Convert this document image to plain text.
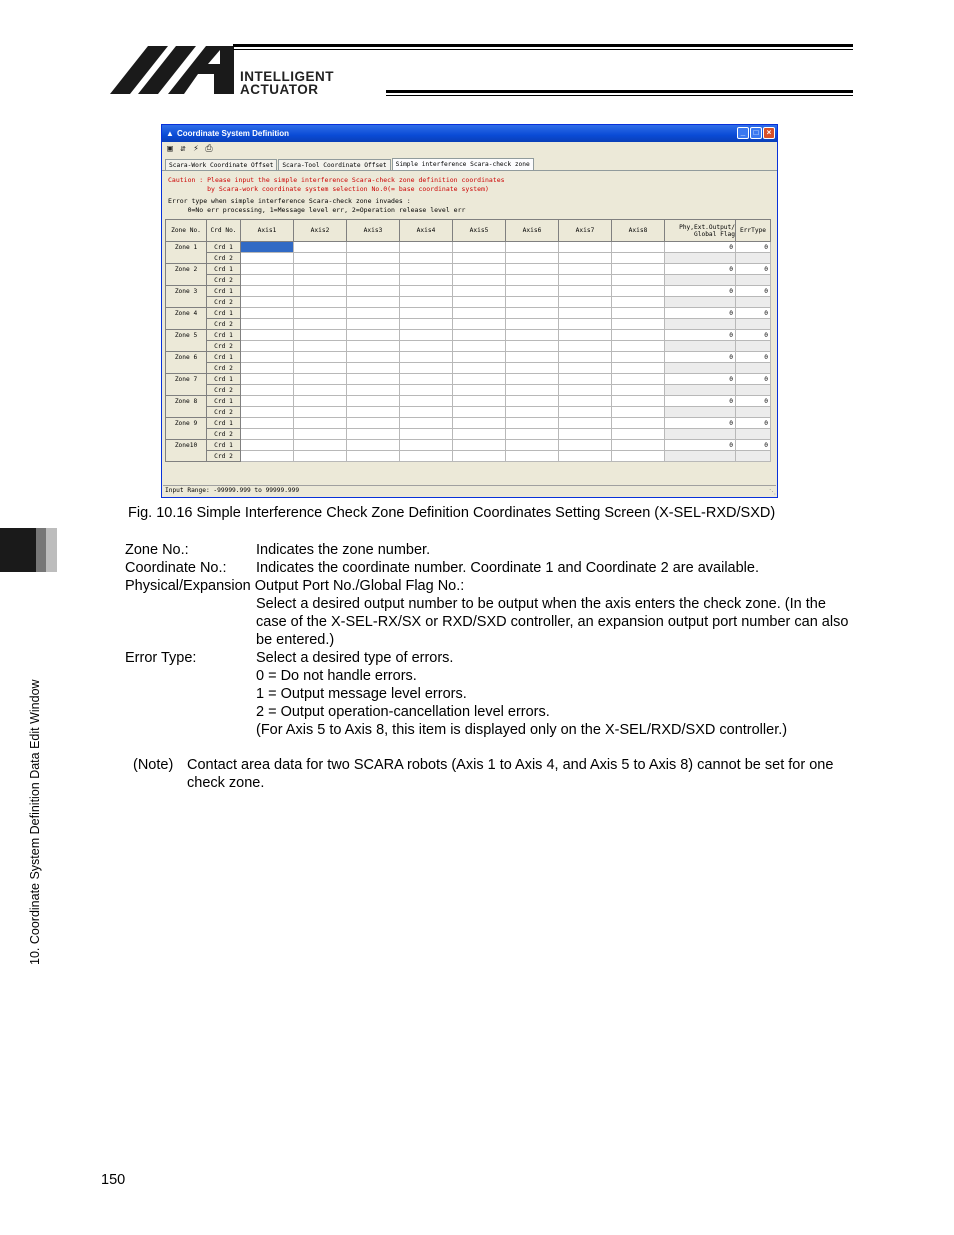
INTELLIGENT
ACTUATOR
10. Coordinate System Definition Data Edit Window
▲ Coordinate System Definition	_	□	×
▣ ⇵ ⚡ ⎙
Scara-Work Coordinate Offset	Scara-Tool Coordinate Offset	Simple interference Scara-check zone
Caution : Please input the simple interference Scara-check zone definition coordinates
by Scara-work coordinate system selection No.0(= base coordinate system)
Error type when simple interference Scara-check zone invades :
0=No err processing, 1=Message level err, 2=Operation release level err
Zone No.	Crd No.	Axis1	Axis2	Axis3	Axis4	Axis5	Axis6	Axis7	Axis8	Phy,Ext.Output/
Global Flag	ErrType
Zone 1	Crd 1									0	0
	Crd 2										
Zone 2	Crd 1									0	0
	Crd 2										
Zone 3	Crd 1									0	0
	Crd 2										
Zone 4	Crd 1									0	0
	Crd 2										
Zone 5	Crd 1									0	0
	Crd 2										
Zone 6	Crd 1									0	0
	Crd 2										
Zone 7	Crd 1									0	0
	Crd 2										
Zone 8	Crd 1									0	0
	Crd 2										
Zone 9	Crd 1									0	0
	Crd 2										
Zone10	Crd 1									0	0
	Crd 2										
Input Range: -99999.999 to 99999.999	⋱
Fig. 10.16 Simple Interference Check Zone Definition Coordinates Setting Screen (X-SEL-RXD/SXD)
Zone No.:	Indicates the zone number.
Coordinate No.:	Indicates the coordinate number. Coordinate 1 and Coordinate 2 are available.
Physical/Expansion Output Port No./Global Flag No.:
Select a desired output number to be output when the axis enters the check zone. (In the case of the X-SEL-RX/SX or RXD/SXD controller, an expansion output port number can also be entered.)
Error Type:	Select a desired type of errors.
0 = Do not handle errors.
1 = Output message level errors.
2 = Output operation-cancellation level errors.
(For Axis 5 to Axis 8, this item is displayed only on the X-SEL/RXD/SXD controller.)
(Note) Contact area data for two SCARA robots (Axis 1 to Axis 4, and Axis 5 to Axis 8) cannot be set for one check zone.
150
